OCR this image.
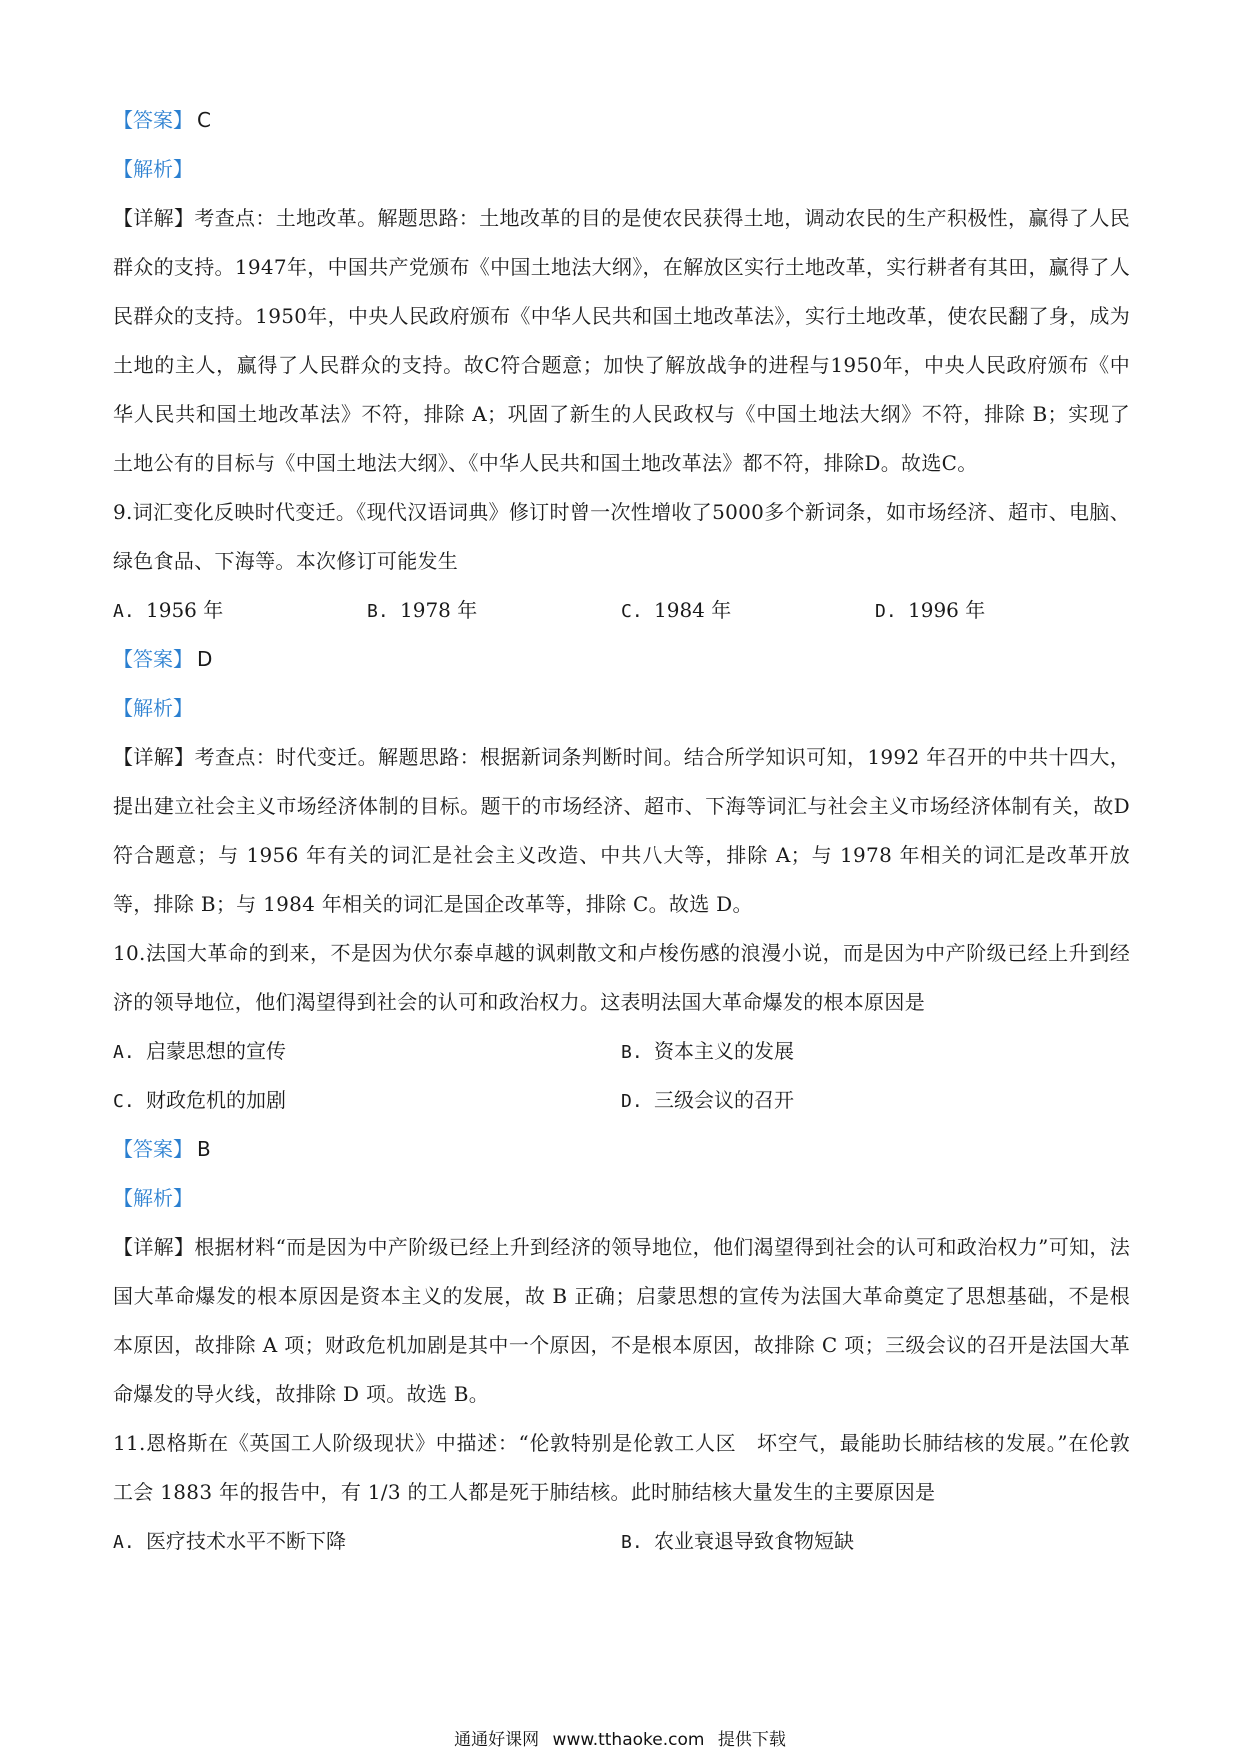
【答案】 C
【解析】
【详解】考查点：土地改革。解题思路：土地改革的目的是使农民获得土地，调动农民的生产积极性，赢得了人民群众的支持。1947年，中国共产党颁布《中国土地法大纲》，在解放区实行土地改革，实行耕者有其田，赢得了人民群众的支持。1950年，中央人民政府颁布《中华人民共和国土地改革法》，实行土地改革，使农民翻了身，成为土地的主人，赢得了人民群众的支持。故C符合题意；加快了解放战争的进程与1950年，中央人民政府颁布《中华人民共和国土地改革法》不符，排除 A；巩固了新生的人民政权与《中国土地法大纲》不符，排除 B；实现了土地公有的目标与《中国土地法大纲》、《中华人民共和国土地改革法》都不符，排除D。故选C。
9.词汇变化反映时代变迁。《现代汉语词典》修订时曾一次性增收了5000多个新词条，如市场经济、超市、电脑、绿色食品、下海等。本次修订可能发生
A. 1956 年	B. 1978 年	C. 1984 年	D. 1996 年
【答案】 D
【解析】
【详解】考查点：时代变迁。解题思路：根据新词条判断时间。结合所学知识可知，1992 年召开的中共十四大，提出建立社会主义市场经济体制的目标。题干的市场经济、超市、下海等词汇与社会主义市场经济体制有关，故D符合题意；与 1956 年有关的词汇是社会主义改造、中共八大等，排除 A；与 1978 年相关的词汇是改革开放等，排除 B；与 1984 年相关的词汇是国企改革等，排除 C。故选 D。
10.法国大革命的到来，不是因为伏尔泰卓越的讽刺散文和卢梭伤感的浪漫小说，而是因为中产阶级已经上升到经济的领导地位，他们渴望得到社会的认可和政治权力。这表明法国大革命爆发的根本原因是
A. 启蒙思想的宣传	B. 资本主义的发展
C. 财政危机的加剧	D. 三级会议的召开
【答案】 B
【解析】
【详解】根据材料“而是因为中产阶级已经上升到经济的领导地位，他们渴望得到社会的认可和政治权力”可知，法国大革命爆发的根本原因是资本主义的发展，故 B 正确；启蒙思想的宣传为法国大革命奠定了思想基础，不是根本原因，故排除 A 项；财政危机加剧是其中一个原因，不是根本原因，故排除 C 项；三级会议的召开是法国大革命爆发的导火线，故排除 D 项。故选 B。
11.恩格斯在《英国工人阶级现状》中描述：“伦敦特别是伦敦工人区　坏空气，最能助长肺结核的发展。”在伦敦工会 1883 年的报告中，有 1/3 的工人都是死于肺结核。此时肺结核大量发生的主要原因是
A. 医疗技术水平不断下降	B. 农业衰退导致食物短缺
通通好课网 www.tthaoke.com 提供下载
